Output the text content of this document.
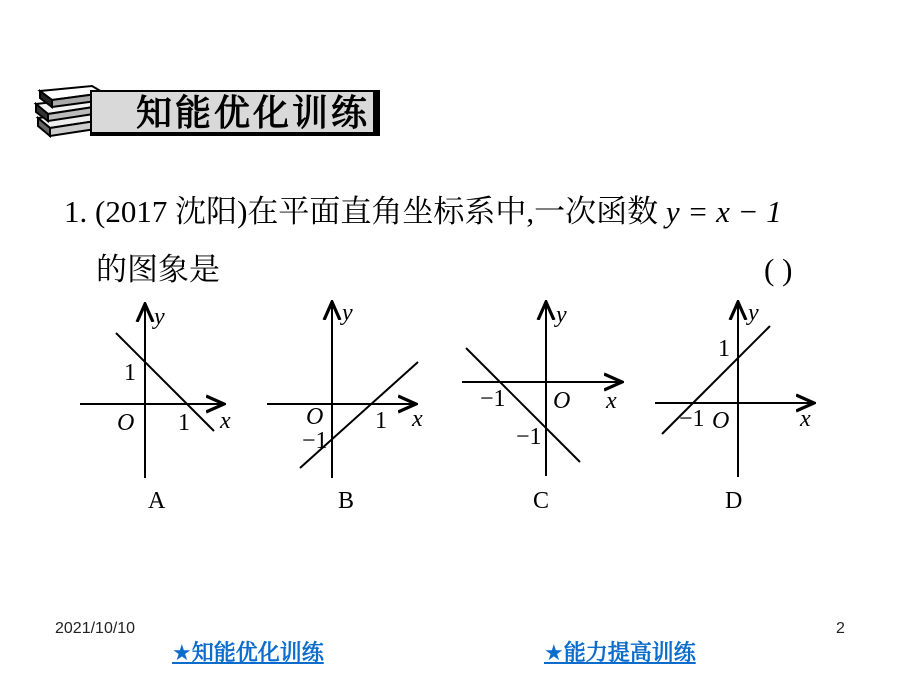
知能优化训练
1. (2017 沈阳)在平面直角坐标系中,一次函数 y = x − 1
的图象是	( )
x
y
O
1
1
A
x
y
O 1
−1
B
x
y
O
−1
−1
C
x
y
O
−1
1
D
2021/10/10	2
★知能优化训练	★能力提高训练
